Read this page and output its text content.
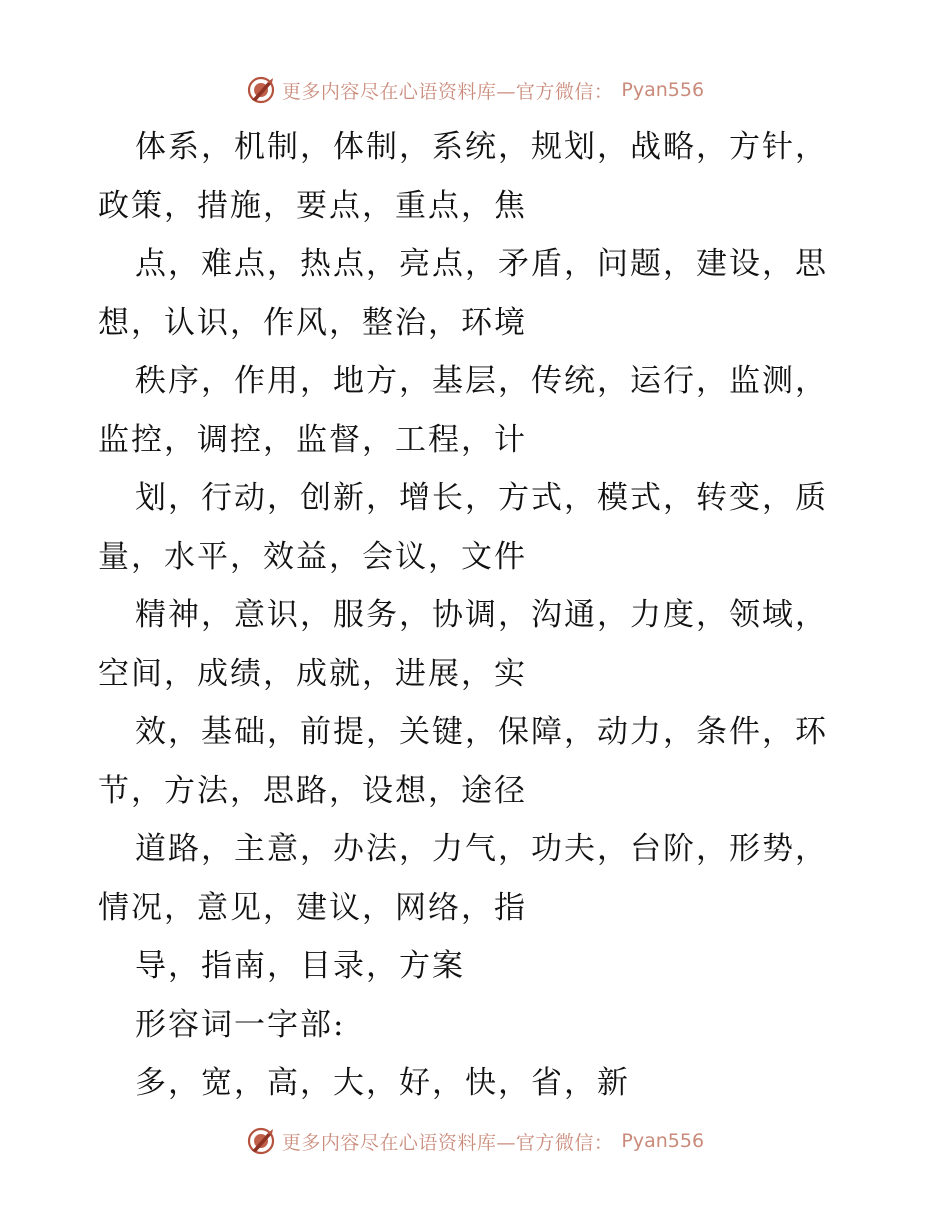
更多内容尽在心语资料库—官方微信： Pyan556
体系，机制，体制，系统，规划，战略，方针，
政策，措施，要点，重点，焦
点，难点，热点，亮点，矛盾，问题，建设，思
想，认识，作风，整治，环境
秩序，作用，地方，基层，传统，运行，监测，
监控，调控，监督，工程，计
划，行动，创新，增长，方式，模式，转变，质
量，水平，效益，会议，文件
精神，意识，服务，协调，沟通，力度，领域，
空间，成绩，成就，进展，实
效，基础，前提，关键，保障，动力，条件，环
节，方法，思路，设想，途径
道路，主意，办法，力气，功夫，台阶，形势，
情况，意见，建议，网络，指
导，指南，目录，方案
形容词一字部:
多，宽，高，大，好，快，省，新
更多内容尽在心语资料库—官方微信： Pyan556
